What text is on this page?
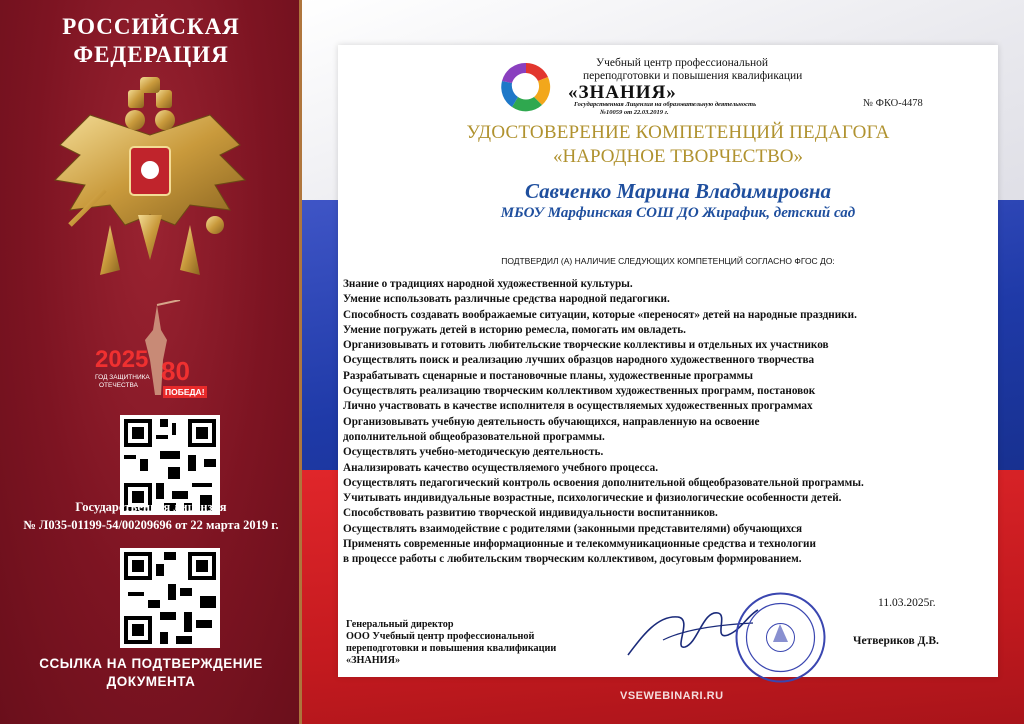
РОССИЙСКАЯ
ФЕДЕРАЦИЯ
2025
ГОД ЗАЩИТНИКА
ОТЕЧЕСТВА 80
ПОБЕДА!
Государственная лицензия
№ Л035-01199-54/00209696 от 22 марта 2019 г.
ССЫЛКА НА ПОДТВЕРЖДЕНИЕ
ДОКУМЕНТА
Учебный центр профессиональной
переподготовки и повышения квалификации
«ЗНАНИЯ»
Государственная Лицензия на образовательную деятельность
№10059 от 22.03.2019 г.
№ ФКО-4478
УДОСТОВЕРЕНИЕ КОМПЕТЕНЦИЙ ПЕДАГОГА
«НАРОДНОЕ ТВОРЧЕСТВО»
Савченко Марина Владимировна
МБОУ Марфинская СОШ ДО Жирафик, детский сад
ПОДТВЕРДИЛ (А) НАЛИЧИЕ СЛЕДУЮЩИХ КОМПЕТЕНЦИЙ СОГЛАСНО ФГОС ДО:
Знание о традициях народной художественной культуры.
Умение использовать различные средства народной педагогики.
Способность создавать воображаемые ситуации, которые «переносят» детей на народные праздники.
Умение погружать детей в историю ремесла, помогать им овладеть.
Организовывать и готовить любительские творческие коллективы и отдельных их участников
Осуществлять поиск и реализацию лучших образцов народного художественного творчества
Разрабатывать сценарные и постановочные планы, художественные программы
Осуществлять реализацию творческим коллективом художественных программ, постановок
Лично участвовать в качестве исполнителя в осуществляемых художественных программах
Организовывать учебную деятельность обучающихся, направленную на освоение
дополнительной общеобразовательной программы.
Осуществлять учебно-методическую деятельность.
Анализировать качество осуществляемого учебного процесса.
Осуществлять педагогический контроль освоения дополнительной общеобразовательной программы.
Учитывать индивидуальные возрастные, психологические и физиологические особенности детей.
Способствовать развитию творческой индивидуальности воспитанников.
Осуществлять взаимодействие с родителями (законными представителями) обучающихся
Применять современные информационные и телекоммуникационные средства и технологии
в процессе работы с любительским творческим коллективом, досуговым формированием.
11.03.2025г.
Генеральный директор
ООО Учебный центр профессиональной
переподготовки и повышения квалификации
«ЗНАНИЯ»
Четвериков Д.В.
VSEWEBINARI.RU
